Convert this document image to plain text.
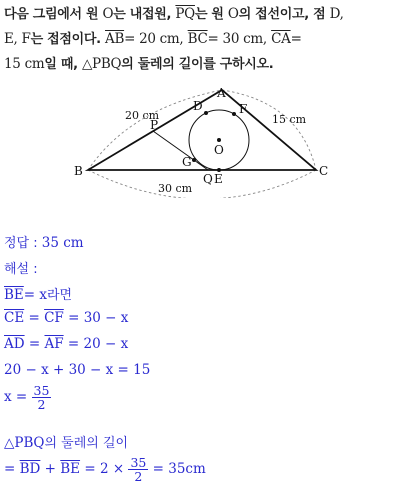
다음 그림에서 원 O는 내접원, $\overline{PQ}$는 원 O의 접선이고, 점 D,
E, F는 접점이다. $\overline{AB}= 20$ cm, $\overline{BC}= 30$ cm, $\overline{CA}=$
15 cm일 때, △PBQ의 둘레의 길이를 구하시오.
A
B	C
D	F
O
G
P
Q E
20 cm	15 cm
30 cm
정답 : 35 cm
해설 :
$\overline{BE}= x$라면
$\overline{CE} = \overline{CF} = 30 - x$
$\overline{AD} = \overline{AF} = 20 - x$
20 − x + 30 − x = 15
$x = \frac{35}{2}$
△PBQ의 둘레의 길이
= $\overline{BD} + \overline{BE} = 2 \times \frac{35}{2} = 35cm$
